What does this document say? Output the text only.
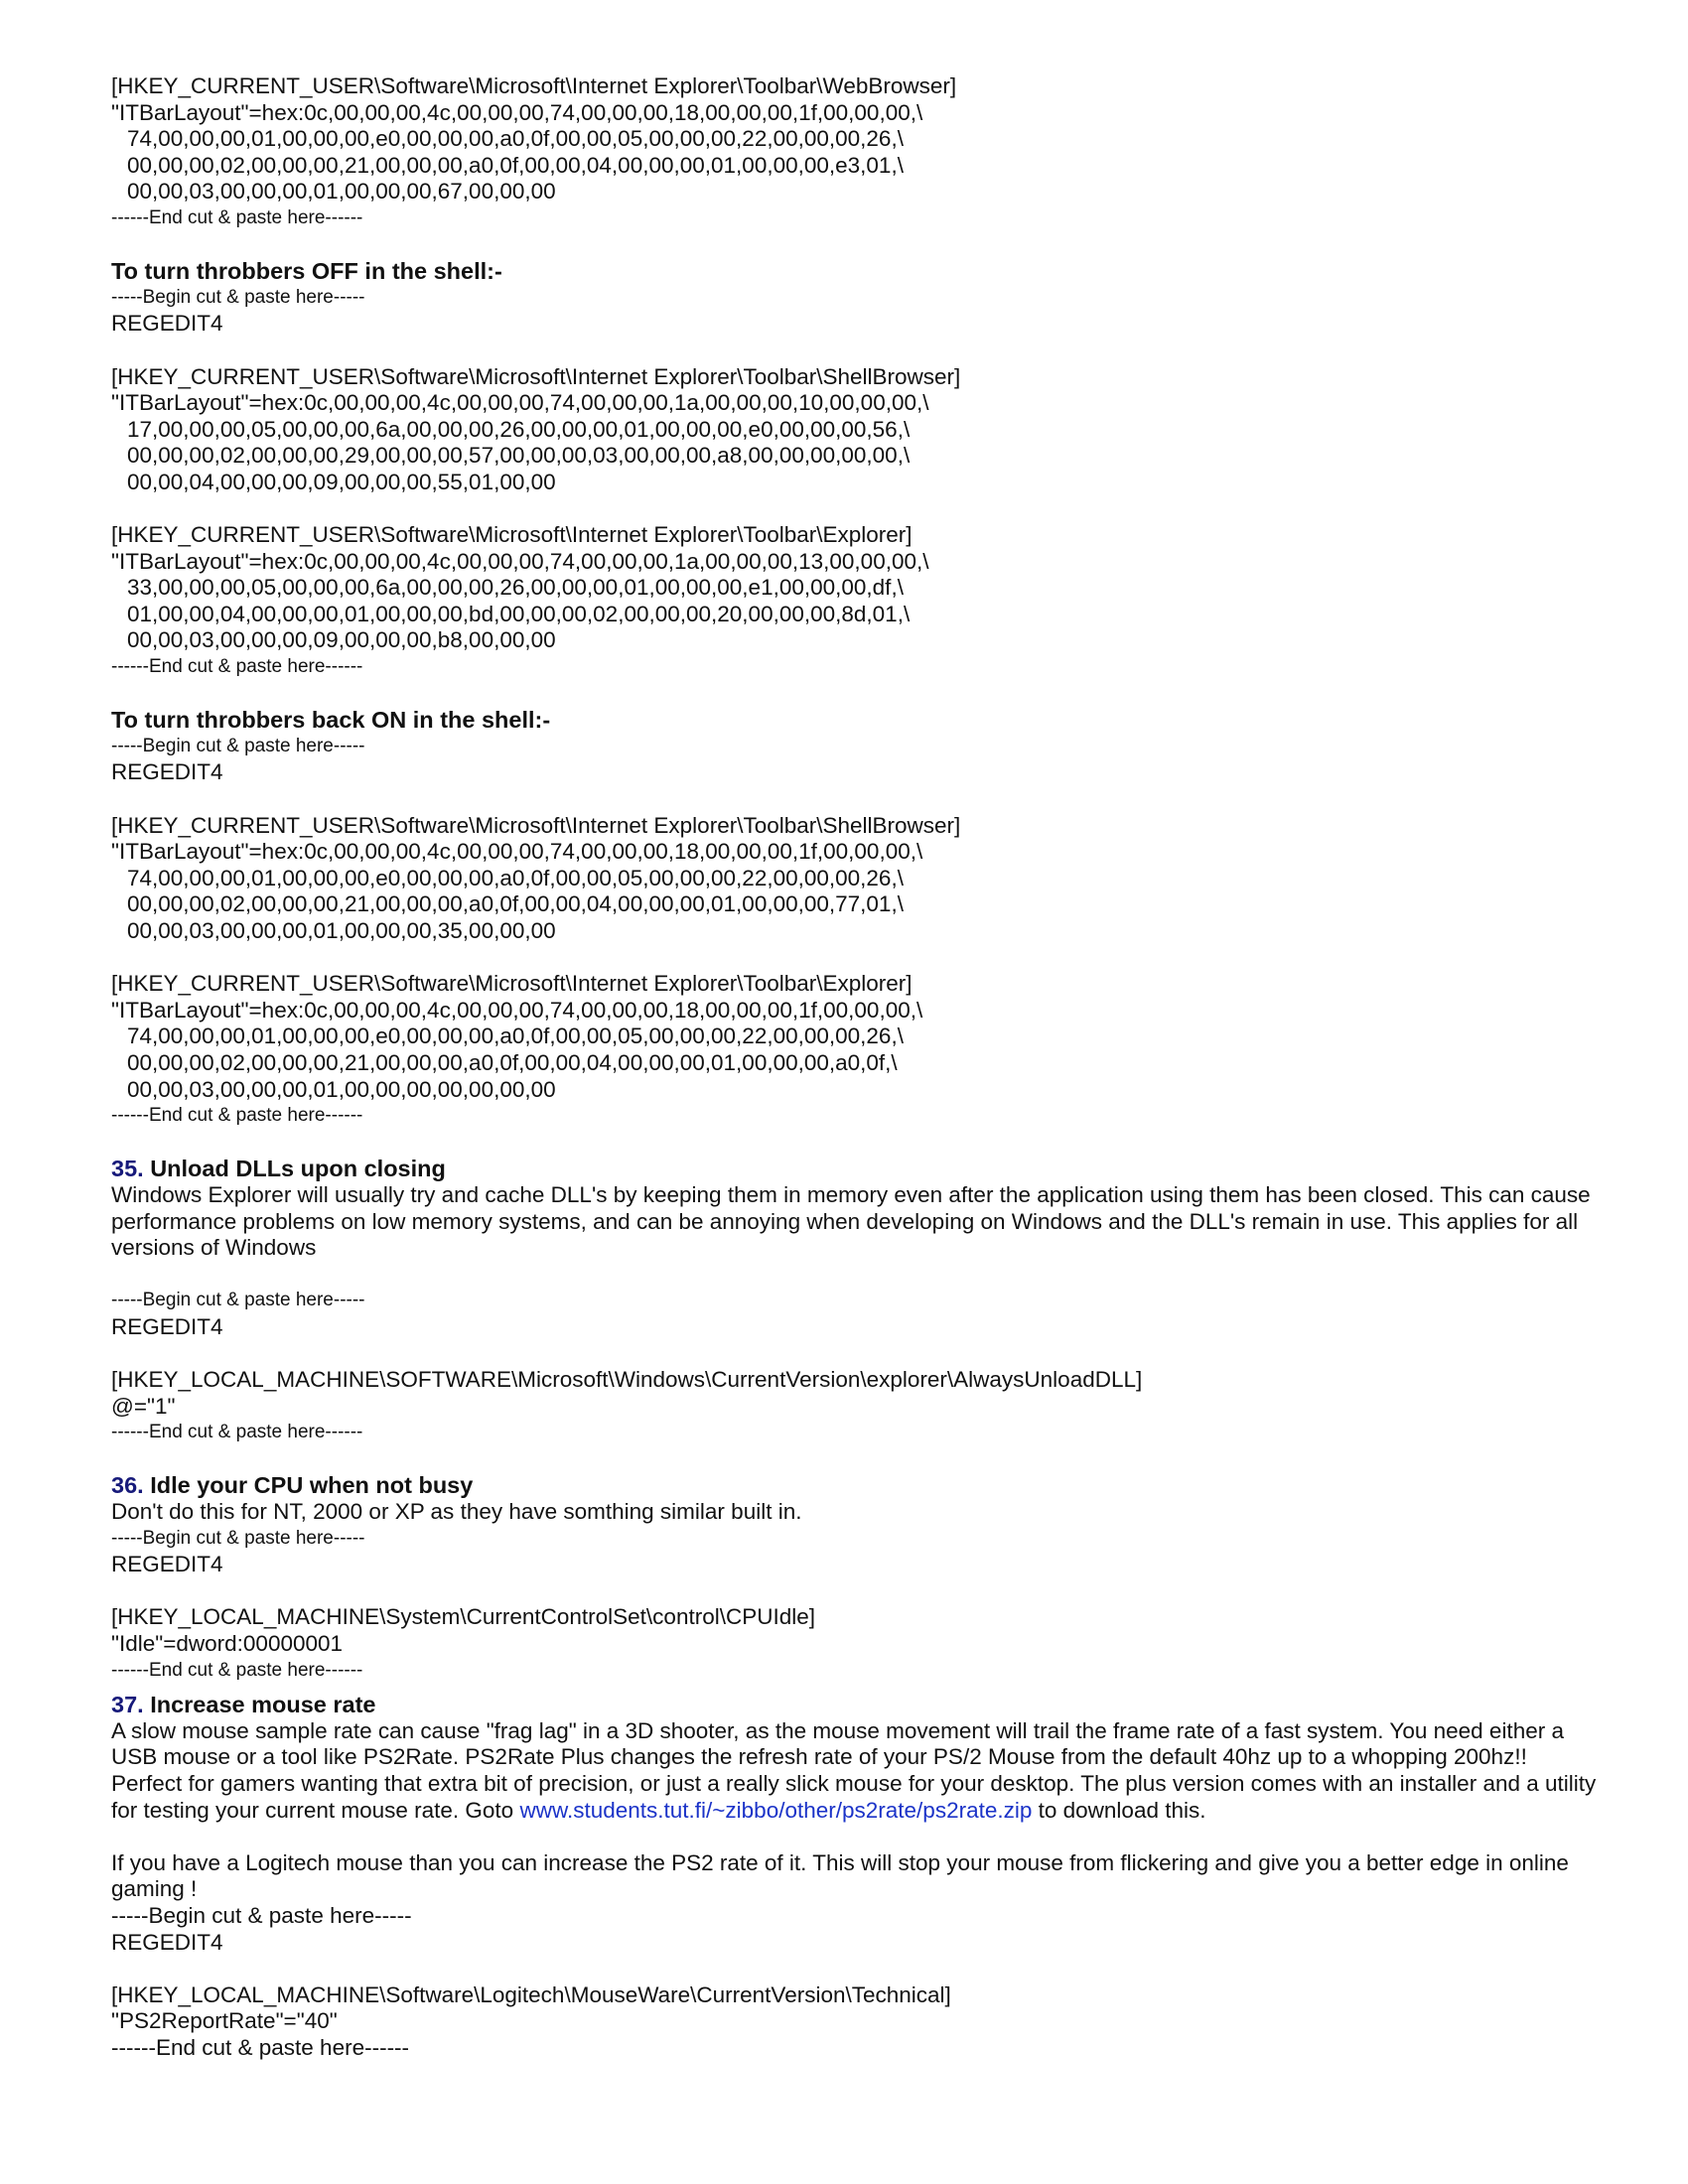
[HKEY_CURRENT_USER\Software\Microsoft\Internet Explorer\Toolbar\WebBrowser]

"ITBarLayout"=hex:0c,00,00,00,4c,00,00,00,74,00,00,00,18,00,00,00,1f,00,00,00,\

74,00,00,00,01,00,00,00,e0,00,00,00,a0,0f,00,00,05,00,00,00,22,00,00,00,26,\

00,00,00,02,00,00,00,21,00,00,00,a0,0f,00,00,04,00,00,00,01,00,00,00,e3,01,\

00,00,03,00,00,00,01,00,00,00,67,00,00,00

------End cut & paste here------

To turn throbbers OFF in the shell:-

-----Begin cut & paste here-----

REGEDIT4

[HKEY_CURRENT_USER\Software\Microsoft\Internet Explorer\Toolbar\ShellBrowser]

"ITBarLayout"=hex:0c,00,00,00,4c,00,00,00,74,00,00,00,1a,00,00,00,10,00,00,00,\

17,00,00,00,05,00,00,00,6a,00,00,00,26,00,00,00,01,00,00,00,e0,00,00,00,56,\

00,00,00,02,00,00,00,29,00,00,00,57,00,00,00,03,00,00,00,a8,00,00,00,00,00,\

00,00,04,00,00,00,09,00,00,00,55,01,00,00

[HKEY_CURRENT_USER\Software\Microsoft\Internet Explorer\Toolbar\Explorer]

"ITBarLayout"=hex:0c,00,00,00,4c,00,00,00,74,00,00,00,1a,00,00,00,13,00,00,00,\

33,00,00,00,05,00,00,00,6a,00,00,00,26,00,00,00,01,00,00,00,e1,00,00,00,df,\

01,00,00,04,00,00,00,01,00,00,00,bd,00,00,00,02,00,00,00,20,00,00,00,8d,01,\

00,00,03,00,00,00,09,00,00,00,b8,00,00,00

------End cut & paste here------

To turn throbbers back ON in the shell:-

-----Begin cut & paste here-----

REGEDIT4

[HKEY_CURRENT_USER\Software\Microsoft\Internet Explorer\Toolbar\ShellBrowser]

"ITBarLayout"=hex:0c,00,00,00,4c,00,00,00,74,00,00,00,18,00,00,00,1f,00,00,00,\

74,00,00,00,01,00,00,00,e0,00,00,00,a0,0f,00,00,05,00,00,00,22,00,00,00,26,\

00,00,00,02,00,00,00,21,00,00,00,a0,0f,00,00,04,00,00,00,01,00,00,00,77,01,\

00,00,03,00,00,00,01,00,00,00,35,00,00,00

[HKEY_CURRENT_USER\Software\Microsoft\Internet Explorer\Toolbar\Explorer]

"ITBarLayout"=hex:0c,00,00,00,4c,00,00,00,74,00,00,00,18,00,00,00,1f,00,00,00,\

74,00,00,00,01,00,00,00,e0,00,00,00,a0,0f,00,00,05,00,00,00,22,00,00,00,26,\

00,00,00,02,00,00,00,21,00,00,00,a0,0f,00,00,04,00,00,00,01,00,00,00,a0,0f,\

00,00,03,00,00,00,01,00,00,00,00,00,00,00

------End cut & paste here------

35. Unload DLLs upon closing

Windows Explorer will usually try and cache DLL's by keeping them in memory even after the application using them has been closed. This can cause performance problems on low memory systems, and can be annoying when developing on Windows and the DLL's remain in use. This applies for all versions of Windows

-----Begin cut & paste here-----

REGEDIT4

[HKEY_LOCAL_MACHINE\SOFTWARE\Microsoft\Windows\CurrentVersion\explorer\AlwaysUnloadDLL]

@="1"

------End cut & paste here------

36. Idle your CPU when not busy

Don't do this for NT, 2000 or XP as they have somthing similar built in.

-----Begin cut & paste here-----

REGEDIT4

[HKEY_LOCAL_MACHINE\System\CurrentControlSet\control\CPUIdle]

"Idle"=dword:00000001

------End cut & paste here------

37. Increase mouse rate

A slow mouse sample rate can cause "frag lag" in a 3D shooter, as the mouse movement will trail the frame rate of a fast system. You need either a USB mouse or a tool like PS2Rate. PS2Rate Plus changes the refresh rate of your PS/2 Mouse from the default 40hz up to a whopping 200hz!! Perfect for gamers wanting that extra bit of precision, or just a really slick mouse for your desktop. The plus version comes with an installer and a utility for testing your current mouse rate. Goto www.students.tut.fi/~zibbo/other/ps2rate/ps2rate.zip to download this.

If you have a Logitech mouse than you can increase the PS2 rate of it. This will stop your mouse from flickering and give you a better edge in online gaming !

-----Begin cut & paste here-----

REGEDIT4

[HKEY_LOCAL_MACHINE\Software\Logitech\MouseWare\CurrentVersion\Technical]

"PS2ReportRate"="40"

------End cut & paste here------
